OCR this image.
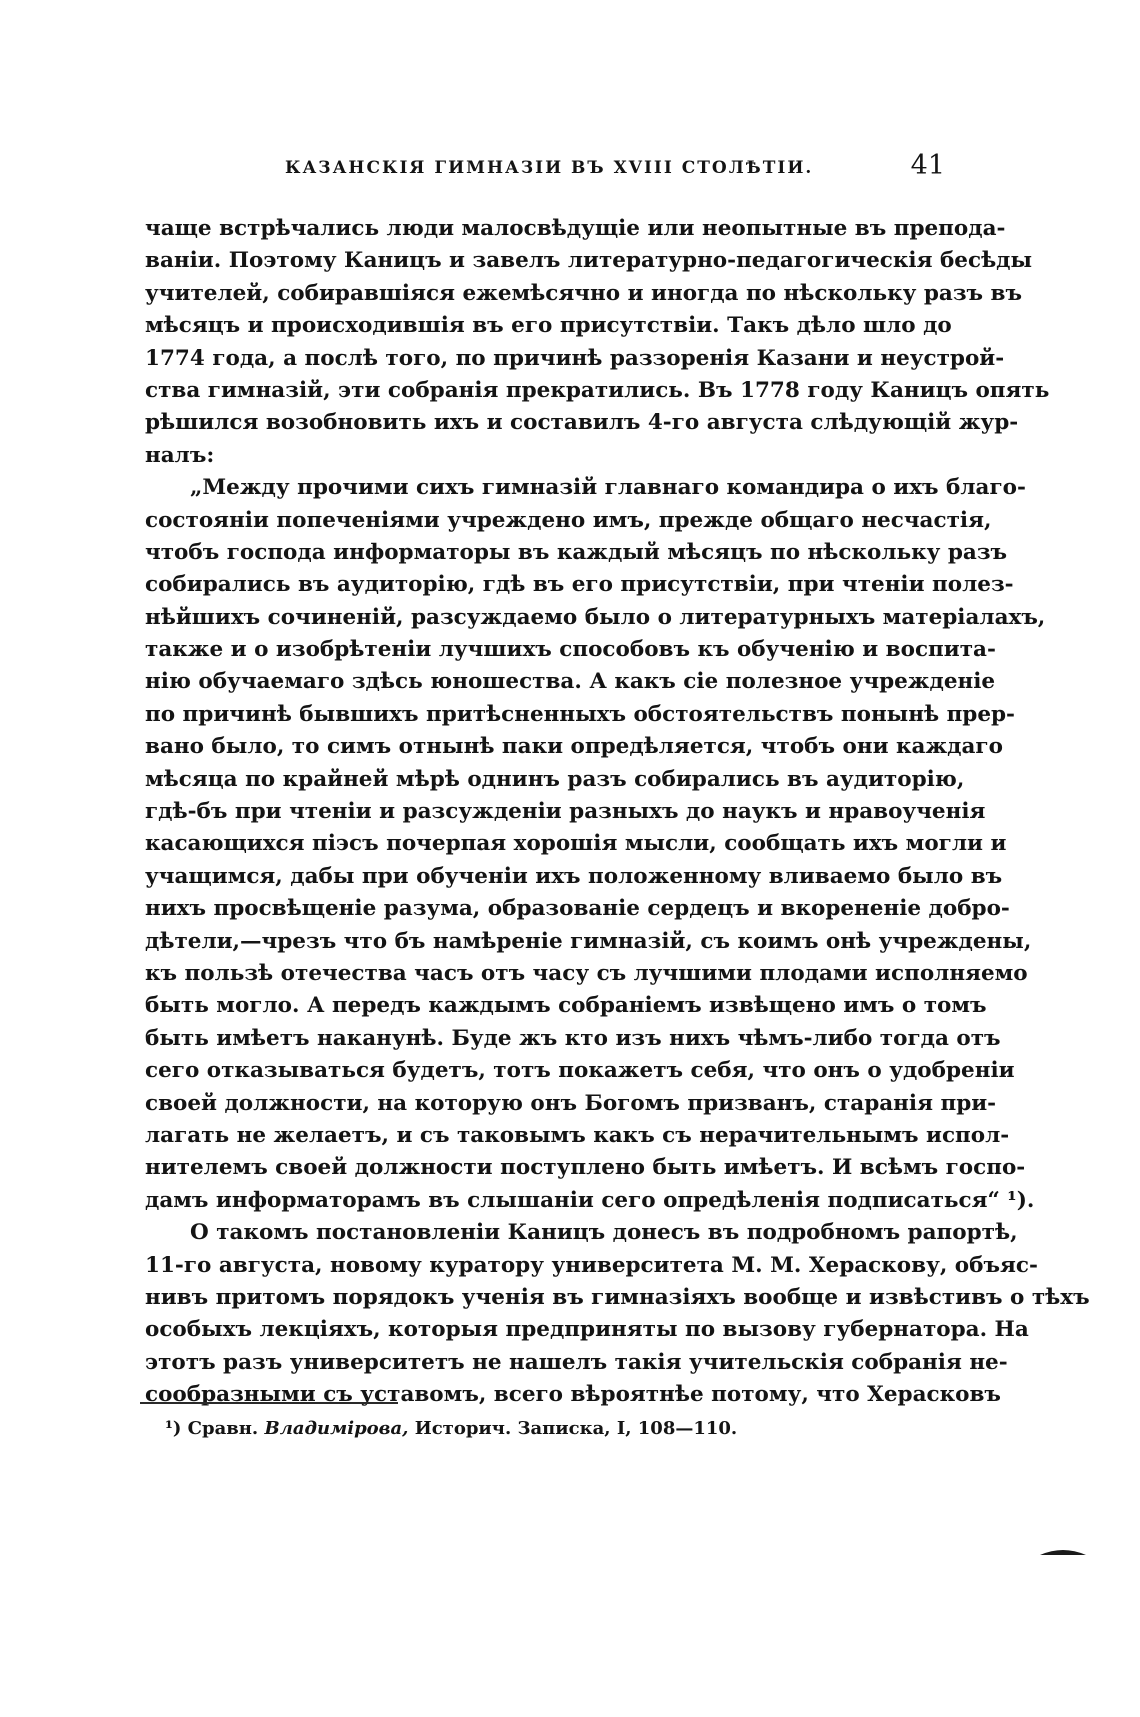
КАЗАНСКІЯ ГИМНАЗІИ ВЪ XVIII СТОЛѢТІИ.	41
чаще встрѣчались люди малосвѣдущіе или неопытные въ препода-
ваніи. Поэтому Каницъ и завелъ литературно-педагогическія бесѣды
учителей, собиравшіяся ежемѣсячно и иногда по нѣскольку разъ въ
мѣсяцъ и происходившія въ его присутствіи. Такъ дѣло шло до
1774 года, а послѣ того, по причинѣ раззоренія Казани и неустрой-
ства гимназій, эти собранія прекратились. Въ 1778 году Каницъ опять
рѣшился возобновить ихъ и составилъ 4-го августа слѣдующій жур-
налъ:
„Между прочими сихъ гимназій главнаго командира о ихъ благо-
состояніи попеченіями учреждено имъ, прежде общаго несчастія,
чтобъ господа информаторы въ каждый мѣсяцъ по нѣскольку разъ
собирались въ аудиторію, гдѣ въ его присутствіи, при чтеніи полез-
нѣйшихъ сочиненій, разсуждаемо было о литературныхъ матеріалахъ,
также и о изобрѣтеніи лучшихъ способовъ къ обученію и воспита-
нію обучаемаго здѣсь юношества. А какъ сіе полезное учрежденіе
по причинѣ бывшихъ притѣсненныхъ обстоятельствъ понынѣ прер-
вано было, то симъ отнынѣ паки опредѣляется, чтобъ они каждаго
мѣсяца по крайней мѣрѣ однинъ разъ собирались въ аудиторію,
гдѣ-бъ при чтеніи и разсужденіи разныхъ до наукъ и нравоученія
касающихся піэсъ почерпая хорошія мысли, сообщать ихъ могли и
учащимся, дабы при обученіи ихъ положенному вливаемо было въ
нихъ просвѣщеніе разума, образованіе сердецъ и вкорененіе добро-
дѣтели,—чрезъ что бъ намѣреніе гимназій, съ коимъ онѣ учреждены,
къ пользѣ отечества часъ отъ часу съ лучшими плодами исполняемо
быть могло. А передъ каждымъ собраніемъ извѣщено имъ о томъ
быть имѣетъ наканунѣ. Буде жъ кто изъ нихъ чѣмъ-либо тогда отъ
сего отказываться будетъ, тотъ покажетъ себя, что онъ о удобреніи
своей должности, на которую онъ Богомъ призванъ, старанія при-
лагать не желаетъ, и съ таковымъ какъ съ нерачительнымъ испол-
нителемъ своей должности поступлено быть имѣетъ. И всѣмъ госпо-
дамъ информаторамъ въ слышаніи сего опредѣленія подписаться“ ¹).
О такомъ постановленіи Каницъ донесъ въ подробномъ рапортѣ,
11-го августа, новому куратору университета М. М. Хераскову, объяс-
нивъ притомъ порядокъ ученія въ гимназіяхъ вообще и извѣстивъ о тѣхъ
особыхъ лекціяхъ, которыя предприняты по вызову губернатора. На
этотъ разъ университетъ не нашелъ такія учительскія собранія не-
сообразными съ уставомъ, всего вѣроятнѣе потому, что Херасковъ
¹) Сравн. Владимірова, Историч. Записка, I, 108—110.
